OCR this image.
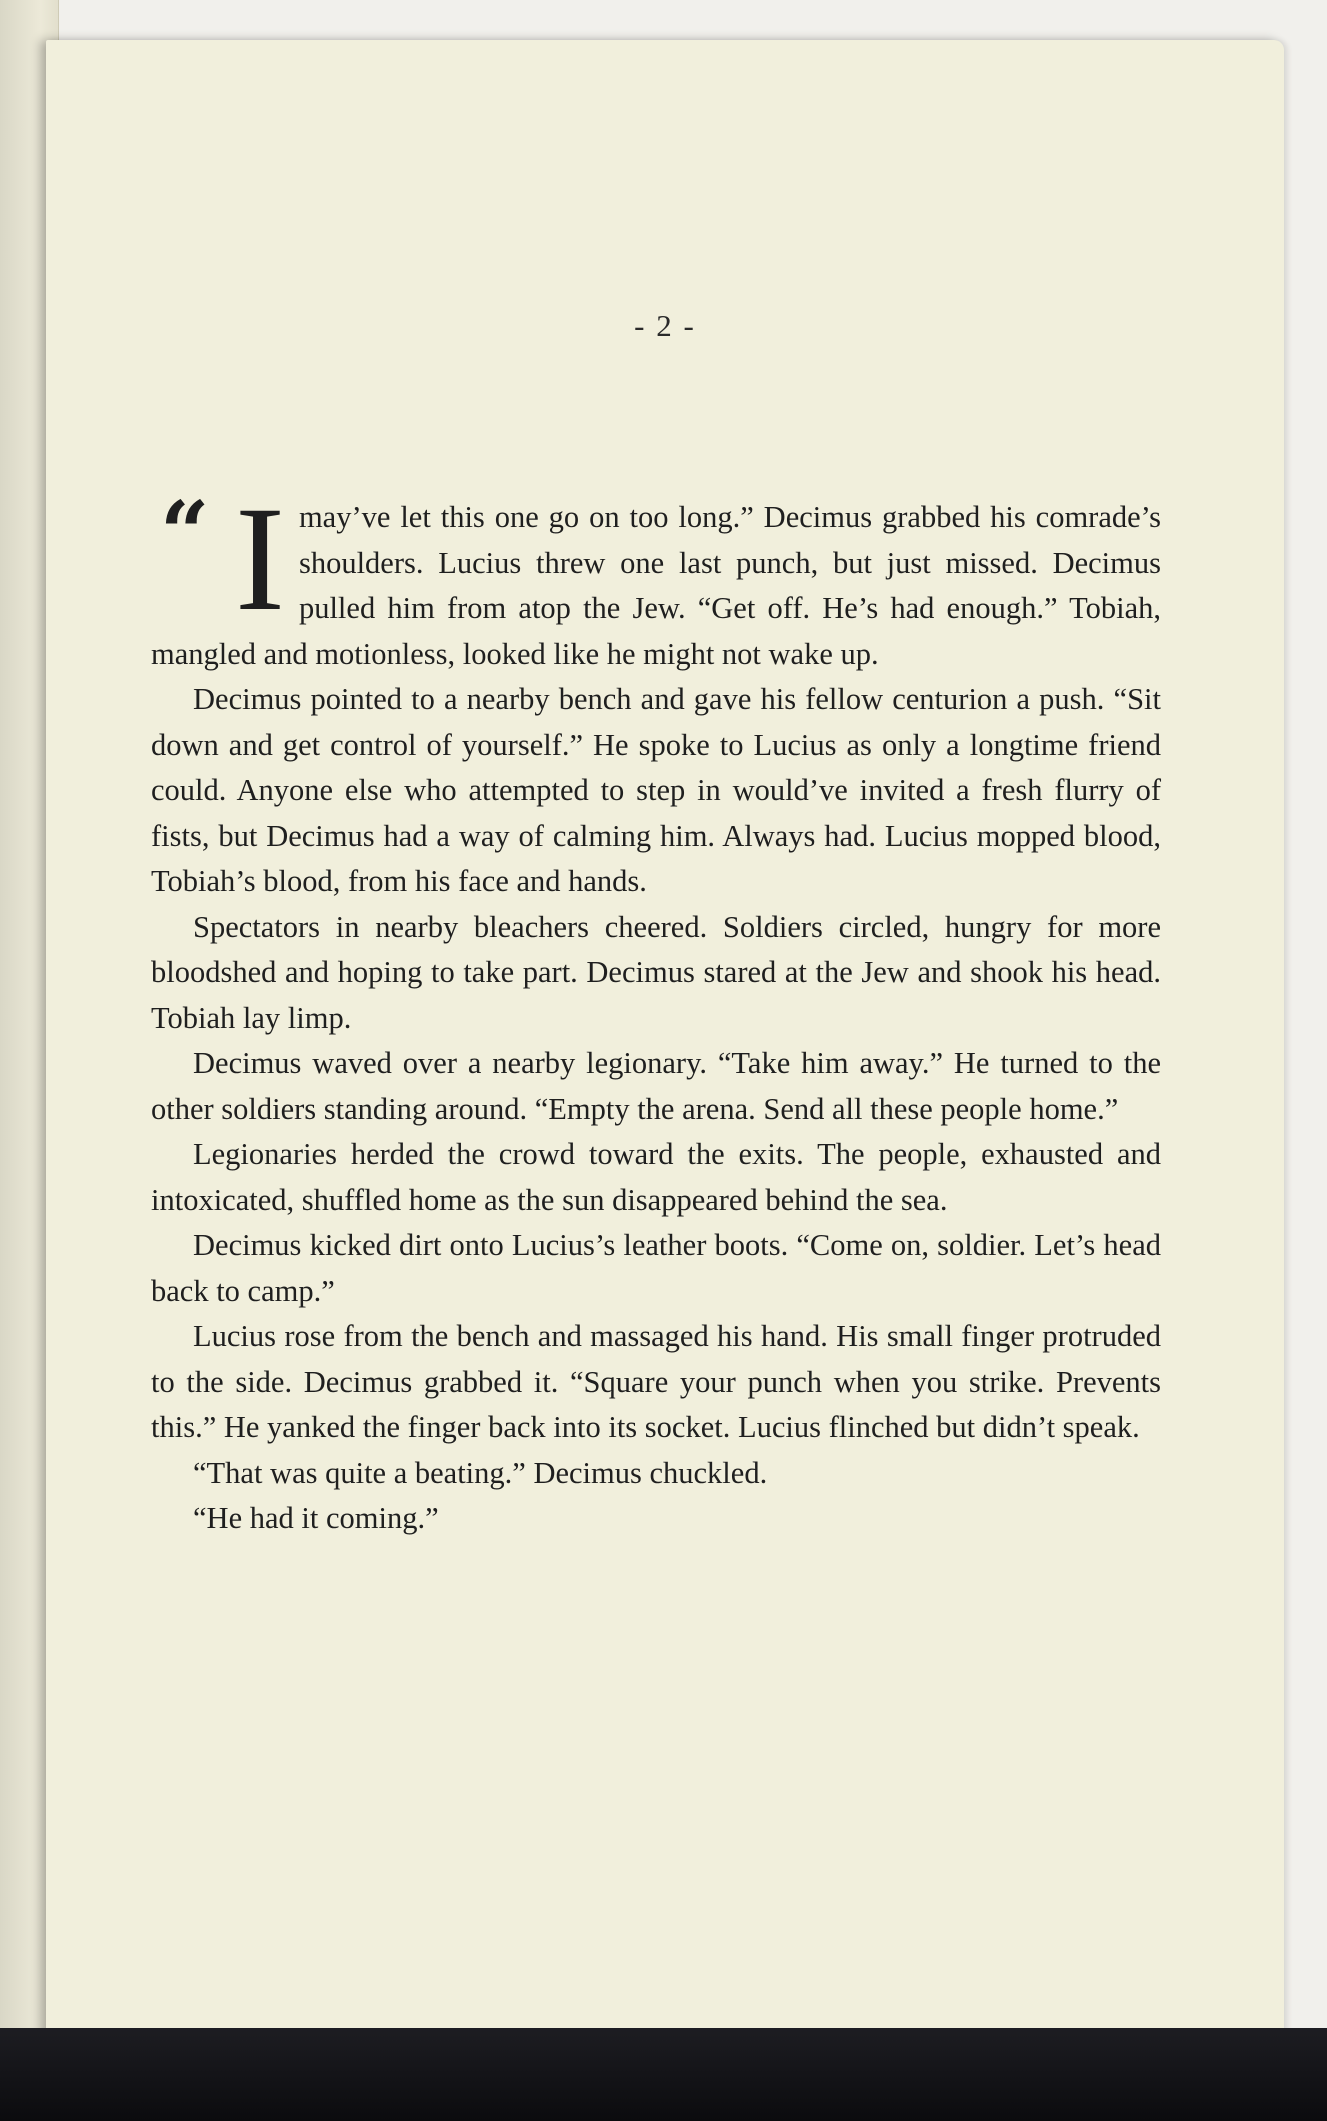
- 2 -

“ I may’ve let this one go on too long.” Decimus grabbed his comrade’s shoulders. Lucius threw one last punch, but just missed. Decimus pulled him from atop the Jew. “Get off. He’s had enough.” Tobiah, mangled and motionless, looked like he might not wake up.

Decimus pointed to a nearby bench and gave his fellow centurion a push. “Sit down and get control of yourself.” He spoke to Lucius as only a longtime friend could. Anyone else who attempted to step in would’ve invited a fresh flurry of fists, but Decimus had a way of calming him. Always had. Lucius mopped blood, Tobiah’s blood, from his face and hands.

Spectators in nearby bleachers cheered. Soldiers circled, hungry for more bloodshed and hoping to take part. Decimus stared at the Jew and shook his head. Tobiah lay limp.

Decimus waved over a nearby legionary. “Take him away.” He turned to the other soldiers standing around. “Empty the arena. Send all these people home.”

Legionaries herded the crowd toward the exits. The people, exhausted and intoxicated, shuffled home as the sun disappeared behind the sea.

Decimus kicked dirt onto Lucius’s leather boots. “Come on, soldier. Let’s head back to camp.”

Lucius rose from the bench and massaged his hand. His small finger protruded to the side. Decimus grabbed it. “Square your punch when you strike. Prevents this.” He yanked the finger back into its socket. Lucius flinched but didn’t speak.

“That was quite a beating.” Decimus chuckled.

“He had it coming.”
